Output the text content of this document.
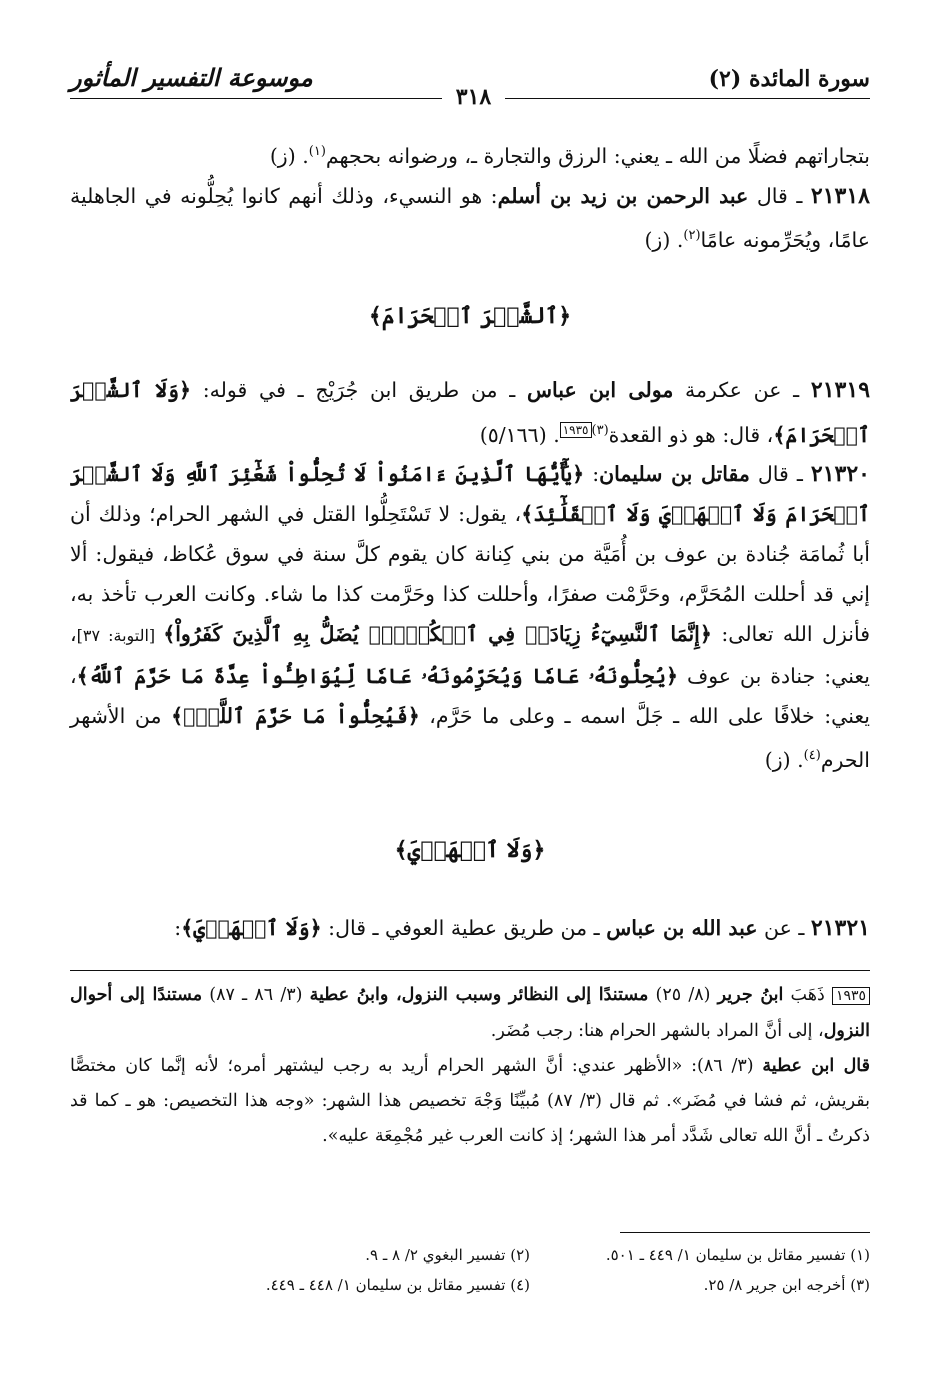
سورة المائدة (٢)
موسوعة التفسير المأثور
٣١٨

بتجاراتهم فضلًا من الله ـ يعني: الرزق والتجارة ـ، ورضوانه بحجهم$^{(١)}$. (ز)

٢١٣١٨ ـ قال عبد الرحمن بن زيد بن أسلم: هو النسيء، وذلك أنهم كانوا يُحِلُّونه في الجاهلية عامًا، ويُحَرِّمونه عامًا$^{(٢)}$. (ز)

﴿ٱلشَّهۡرَ ٱلۡحَرَامَ﴾

٢١٣١٩ ـ عن عكرمة مولى ابن عباس ـ من طريق ابن جُرَيْج ـ في قوله: ﴿وَلَا ٱلشَّهۡرَ ٱلۡحَرَامَ﴾، قال: هو ذو القعدة$^{(٣)١٩٣٥}$. (٥/١٦٦)

٢١٣٢٠ ـ قال مقاتل بن سليمان: ﴿يَٰٓأَيُّهَا ٱلَّذِينَ ءَامَنُواْ لَا تُحِلُّواْ شَعَٰٓئِرَ ٱللَّهِ وَلَا ٱلشَّهۡرَ ٱلۡحَرَامَ وَلَا ٱلۡهَدۡيَ وَلَا ٱلۡقَلَٰٓئِدَ﴾، يقول: لا تَسْتَحِلُّوا القتل في الشهر الحرام؛ وذلك أن أبا ثُمامَة جُنادة بن عوف بن أُمَيَّة من بني كِنانة كان يقوم كلَّ سنة في سوق عُكاظ، فيقول: ألا إني قد أحللت المُحَرَّم، وحَرَّمْت صفرًا، وأحللت كذا وحَرَّمت كذا ما شاء. وكانت العرب تأخذ به، فأنزل الله تعالى: ﴿إِنَّمَا ٱلنَّسِيٓءُ زِيَادَةٞ فِي ٱلۡكُفۡرِۖ يُضَلُّ بِهِ ٱلَّذِينَ كَفَرُواْ﴾ [التوبة: ٣٧]، يعني: جنادة بن عوف ﴿يُحِلُّونَهُۥ عَامٗا وَيُحَرِّمُونَهُۥ عَامٗا لِّيُوَاطِـُٔواْ عِدَّةَ مَا حَرَّمَ ٱللَّهُ﴾، يعني: خلافًا على الله ـ جَلَّ اسمه ـ وعلى ما حَرَّم، ﴿فَيُحِلُّواْ مَا حَرَّمَ ٱللَّهُۚ﴾ من الأشهر الحرم$^{(٤)}$. (ز)

﴿وَلَا ٱلۡهَدۡيَ﴾

٢١٣٢١ ـ عن عبد الله بن عباس ـ من طريق عطية العوفي ـ قال: ﴿وَلَا ٱلۡهَدۡيَ﴾:

١٩٣٥ ذَهَبَ ابنُ جرير (٨/ ٢٥) مستندًا إلى النظائر وسبب النزول، وابنُ عطية (٣/ ٨٦ ـ ٨٧) مستندًا إلى أحوال النزول، إلى أنَّ المراد بالشهر الحرام هنا: رجب مُضَر.

قال ابن عطية (٣/ ٨٦): «الأظهر عندي: أنَّ الشهر الحرام أريد به رجب ليشتهر أمره؛ لأنه إنَّما كان مختصًّا بقريش، ثم فشا في مُضَر». ثم قال (٣/ ٨٧) مُبيِّنًا وَجْهَ تخصيص هذا الشهر: «وجه هذا التخصيص: هو ـ كما قد ذكرتُ ـ أنَّ الله تعالى شَدَّد أمر هذا الشهر؛ إذ كانت العرب غير مُجْمِعَة عليه».

(١) تفسير مقاتل بن سليمان ١/ ٤٤٩ ـ ٥٠١.
(٢) تفسير البغوي ٢/ ٨ ـ ٩.
(٣) أخرجه ابن جرير ٨/ ٢٥.
(٤) تفسير مقاتل بن سليمان ١/ ٤٤٨ ـ ٤٤٩.
